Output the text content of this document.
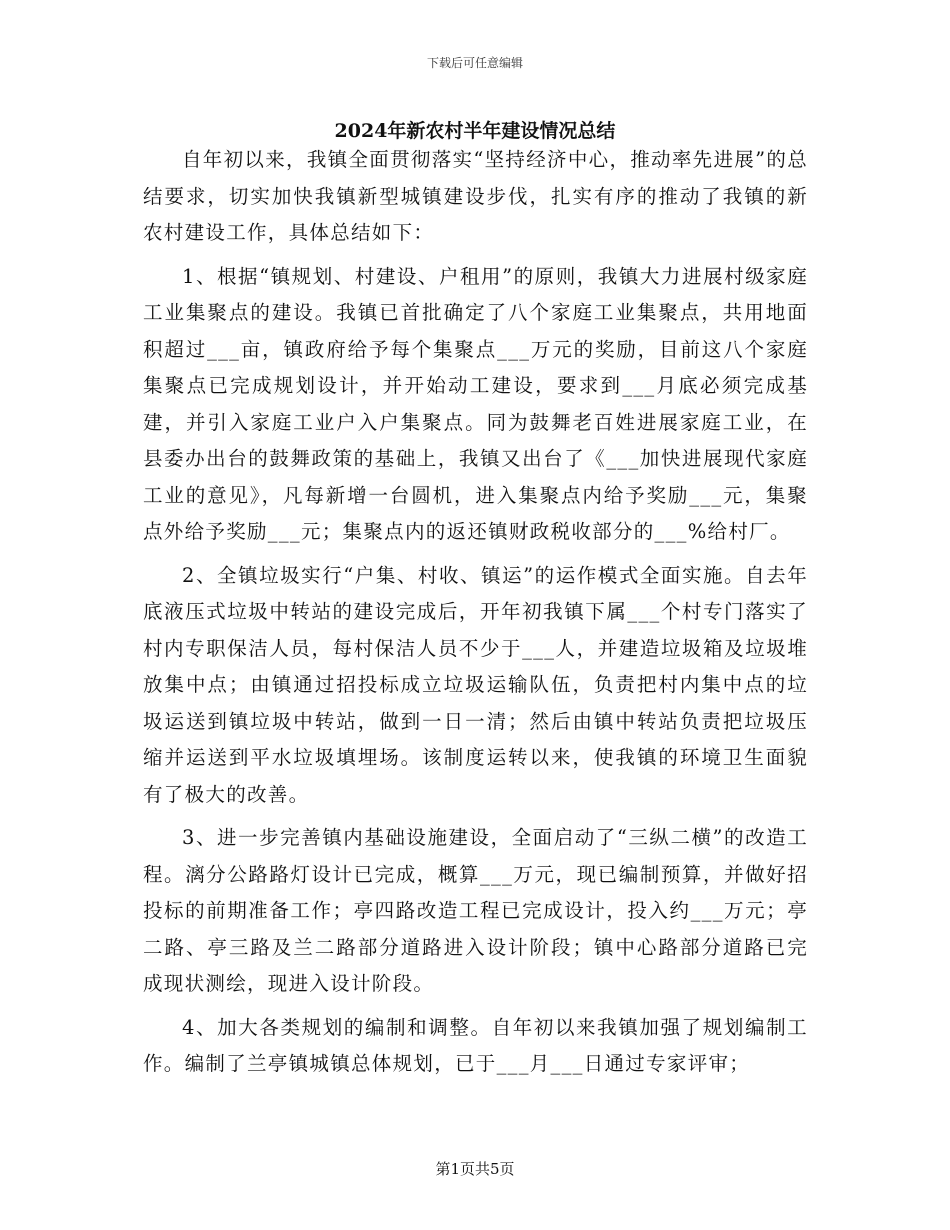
下载后可任意编辑
2024年新农村半年建设情况总结

自年初以来，我镇全面贯彻落实“坚持经济中心，推动率先进展”的总结要求，切实加快我镇新型城镇建设步伐，扎实有序的推动了我镇的新农村建设工作，具体总结如下：

1、根据“镇规划、村建设、户租用”的原则，我镇大力进展村级家庭工业集聚点的建设。我镇已首批确定了八个家庭工业集聚点，共用地面积超过___亩，镇政府给予每个集聚点___万元的奖励，目前这八个家庭集聚点已完成规划设计，并开始动工建设，要求到___月底必须完成基建，并引入家庭工业户入户集聚点。同为鼓舞老百姓进展家庭工业，在县委办出台的鼓舞政策的基础上，我镇又出台了《___加快进展现代家庭工业的意见》，凡每新增一台圆机，进入集聚点内给予奖励___元，集聚点外给予奖励___元；集聚点内的返还镇财政税收部分的___%给村厂。

2、全镇垃圾实行“户集、村收、镇运”的运作模式全面实施。自去年底液压式垃圾中转站的建设完成后，开年初我镇下属___个村专门落实了村内专职保洁人员，每村保洁人员不少于___人，并建造垃圾箱及垃圾堆放集中点；由镇通过招投标成立垃圾运输队伍，负责把村内集中点的垃圾运送到镇垃圾中转站，做到一日一清；然后由镇中转站负责把垃圾压缩并运送到平水垃圾填埋场。该制度运转以来，使我镇的环境卫生面貌有了极大的改善。

3、进一步完善镇内基础设施建设，全面启动了“三纵二横”的改造工程。漓分公路路灯设计已完成，概算___万元，现已编制预算，并做好招投标的前期准备工作；亭四路改造工程已完成设计，投入约___万元；亭二路、亭三路及兰二路部分道路进入设计阶段；镇中心路部分道路已完成现状测绘，现进入设计阶段。

4、加大各类规划的编制和调整。自年初以来我镇加强了规划编制工作。编制了兰亭镇城镇总体规划，已于___月___日通过专家评审；

第1页共5页
